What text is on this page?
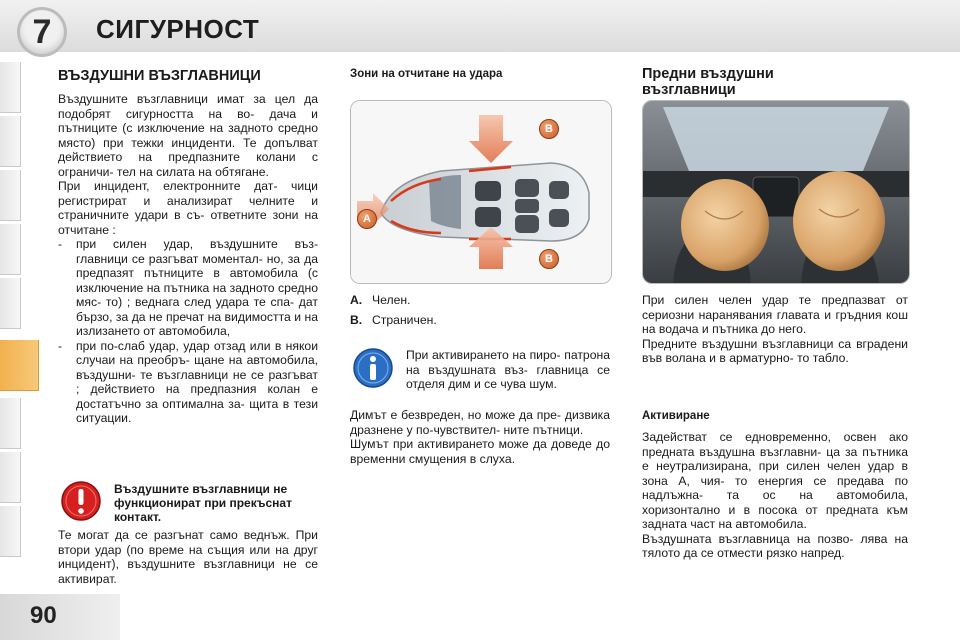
7 СИГУРНОСТ
90
ВЪЗДУШНИ ВЪЗГЛАВНИЦИ

Въздушните възглавници имат за цел да подобрят сигурността на во- дача и пътниците (с изключение на задното средно място) при тежки инциденти. Те допълват действието на предпазните колани с ограничи- тел на силата на обтягане.

При инцидент, електронните дат- чици регистрират и анализират челните и страничните удари в съ- ответните зони на отчитане :

-	при силен удар, въздушните въз- главници се разгъват моментал- но, за да предпазят пътниците в автомобила (с изключение на пътника на задното средно мяс- то) ; веднага след удара те спа- дат бързо, за да не пречат на видимостта и на излизането от автомобила,
-	при по-слаб удар, удар отзад или в някои случаи на преобръ- щане на автомобила, въздушни- те възглавници не се разгъват ; действието на предпазния колан е достатъчно за оптимална за- щита в тези ситуации.
Въздушните възглавници не функционират при прекъснат контакт.
Те могат да се разгънат само веднъж. При втори удар (по време на същия или на друг инцидент), въздушните възглавници не се активират.
Зони на отчитане на удара
B
A
B
A. Челен.
B. Страничен.
При активирането на пиро- патрона на въздушната въз- главница се отделя дим и се чува шум.

Димът е безвреден, но може да пре- дизвика дразнене у по-чувствител- ните пътници.

Шумът при активирането може да доведе до временни смущения в слуха.

Предни въздушни възглавници

При силен челен удар те предпазват от сериозни наранявания главата и гръдния кош на водача и пътника до него.

Предните въздушни възглавници са вградени във волана и в арматурно- то табло.

Активиране

Задействат се едновременно, освен ако предната въздушна възглавни- ца за пътника е неутрализирана, при силен челен удар в зона A, чия- то енергия се предава по надлъжна- та ос на автомобила, хоризонтално и в посока от предната към задната част на автомобила.

Въздушната възглавница на позво- лява на тялото да се отмести рязко напред.
